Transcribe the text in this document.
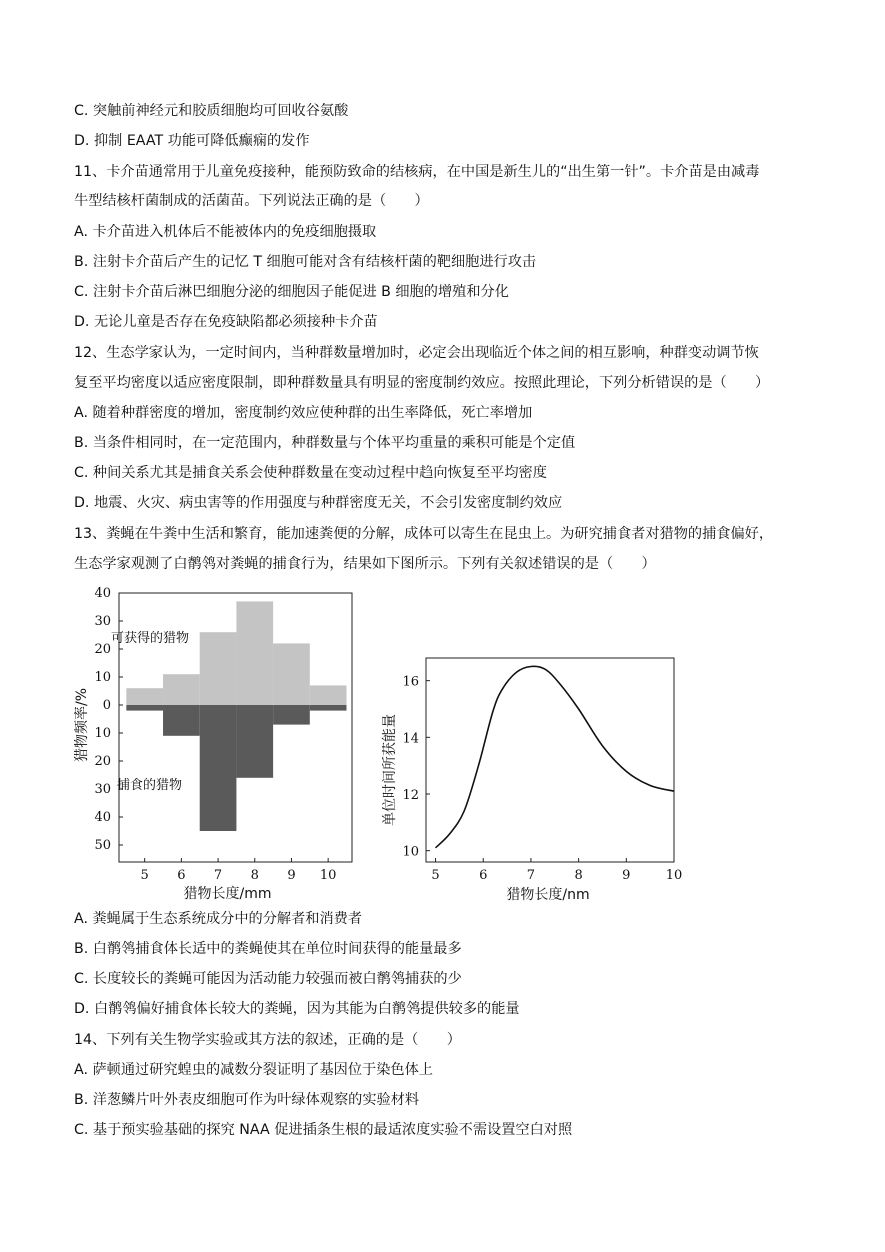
C. 突触前神经元和胶质细胞均可回收谷氨酸
D. 抑制 EAAT 功能可降低癫痫的发作
11、卡介苗通常用于儿童免疫接种，能预防致命的结核病，在中国是新生儿的“出生第一针”。卡介苗是由减毒
牛型结核杆菌制成的活菌苗。下列说法正确的是（　　）
A. 卡介苗进入机体后不能被体内的免疫细胞摄取
B. 注射卡介苗后产生的记忆 T 细胞可能对含有结核杆菌的靶细胞进行攻击
C. 注射卡介苗后淋巴细胞分泌的细胞因子能促进 B 细胞的增殖和分化
D. 无论儿童是否存在免疫缺陷都必须接种卡介苗
12、生态学家认为，一定时间内，当种群数量增加时，必定会出现临近个体之间的相互影响，种群变动调节恢
复至平均密度以适应密度限制，即种群数量具有明显的密度制约效应。按照此理论，下列分析错误的是（　　）
A. 随着种群密度的增加，密度制约效应使种群的出生率降低，死亡率增加
B. 当条件相同时，在一定范围内，种群数量与个体平均重量的乘积可能是个定值
C. 种间关系尤其是捕食关系会使种群数量在变动过程中趋向恢复至平均密度
D. 地震、火灾、病虫害等的作用强度与种群密度无关，不会引发密度制约效应
13、粪蝇在牛粪中生活和繁育，能加速粪便的分解，成体可以寄生在昆虫上。为研究捕食者对猎物的捕食偏好，
生态学家观测了白鹡鸰对粪蝇的捕食行为，结果如下图所示。下列有关叙述错误的是（　　）
A. 粪蝇属于生态系统成分中的分解者和消费者
B. 白鹡鸰捕食体长适中的粪蝇使其在单位时间获得的能量最多
C. 长度较长的粪蝇可能因为活动能力较强而被白鹡鸰捕获的少
D. 白鹡鸰偏好捕食体长较大的粪蝇，因为其能为白鹡鸰提供较多的能量
14、下列有关生物学实验或其方法的叙述，正确的是（　　）
A. 萨顿通过研究蝗虫的减数分裂证明了基因位于染色体上
B. 洋葱鳞片叶外表皮细胞可作为叶绿体观察的实验材料
C. 基于预实验基础的探究 NAA 促进插条生根的最适浓度实验不需设置空白对照
10
20
30
40
0
10
20
30
40
50
5 6 7 8 9 10
可获得的猎物
捕食的猎物
猎物长度/mm
猎物频率/%
10
12
14
16
5	6	7	8	9	10
猎物长度/nm
单位时间所获能量
